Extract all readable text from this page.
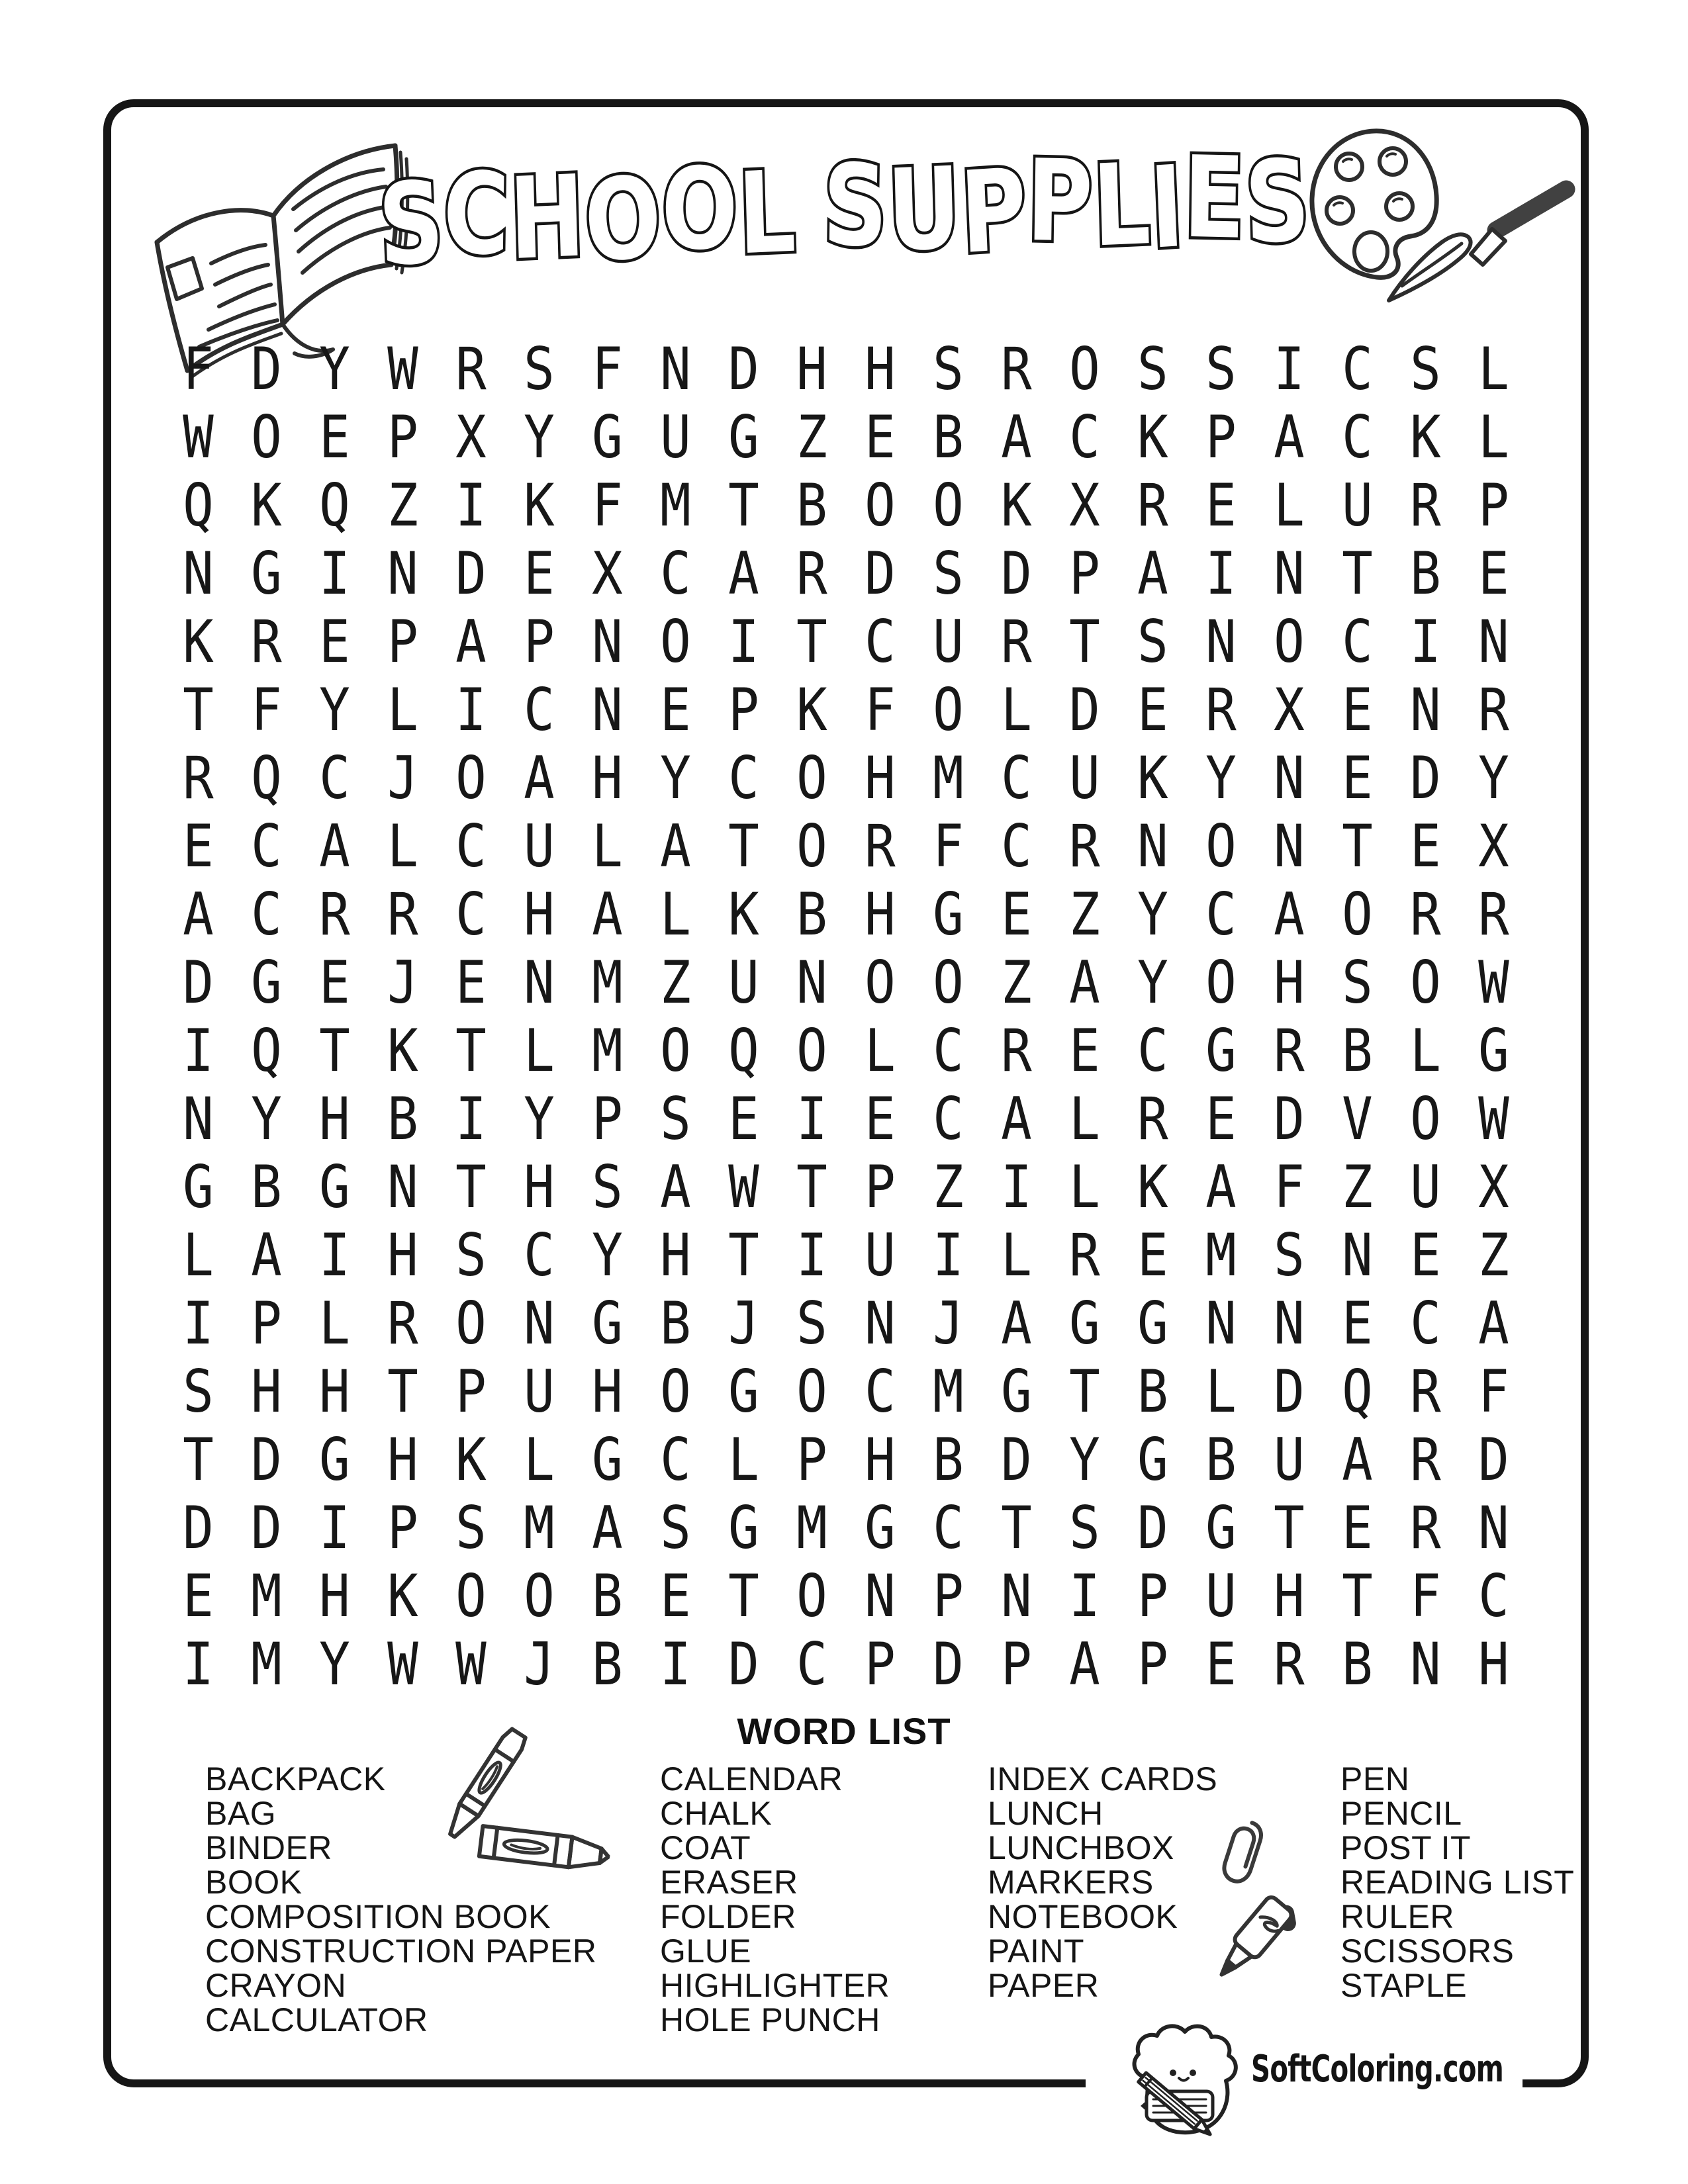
S
C
H
O
O
L S
U
P
P
L
I
E
S
F D Y W R S F N D H H S R O S S I C S L
W O E P X Y G U G Z E B A C K P A C K L
Q K Q Z I K F M T B O O K X R E L U R P
N G I N D E X C A R D S D P A I N T B E
K R E P A P N O I T C U R T S N O C I N
T F Y L I C N E P K F O L D E R X E N R
R Q C J O A H Y C O H M C U K Y N E D Y
E C A L C U L A T O R F C R N O N T E X
A C R R C H A L K B H G E Z Y C A O R R
D G E J E N M Z U N O O Z A Y O H S O W
I Q T K T L M O Q O L C R E C G R B L G
N Y H B I Y P S E I E C A L R E D V O W
G B G N T H S A W T P Z I L K A F Z U X
L A I H S C Y H T I U I L R E M S N E Z
I P L R O N G B J S N J A G G N N E C A
S H H T P U H O G O C M G T B L D Q R F
T D G H K L G C L P H B D Y G B U A R D
D D I P S M A S G M G C T S D G T E R N
E M H K O O B E T O N P N I P U H T F C
I M Y W W J B I D C P D P A P E R B N H
WORD LIST
BACKPACK
BAG
BINDER
BOOK
COMPOSITION BOOK
CONSTRUCTION PAPER
CRAYON
CALCULATOR
CALENDAR
CHALK
COAT
ERASER
FOLDER
GLUE
HIGHLIGHTER
HOLE PUNCH
INDEX CARDS
LUNCH
LUNCHBOX
MARKERS
NOTEBOOK
PAINT
PAPER
PEN
PENCIL
POST IT
READING LIST
RULER
SCISSORS
STAPLE
SoftColoring.com
